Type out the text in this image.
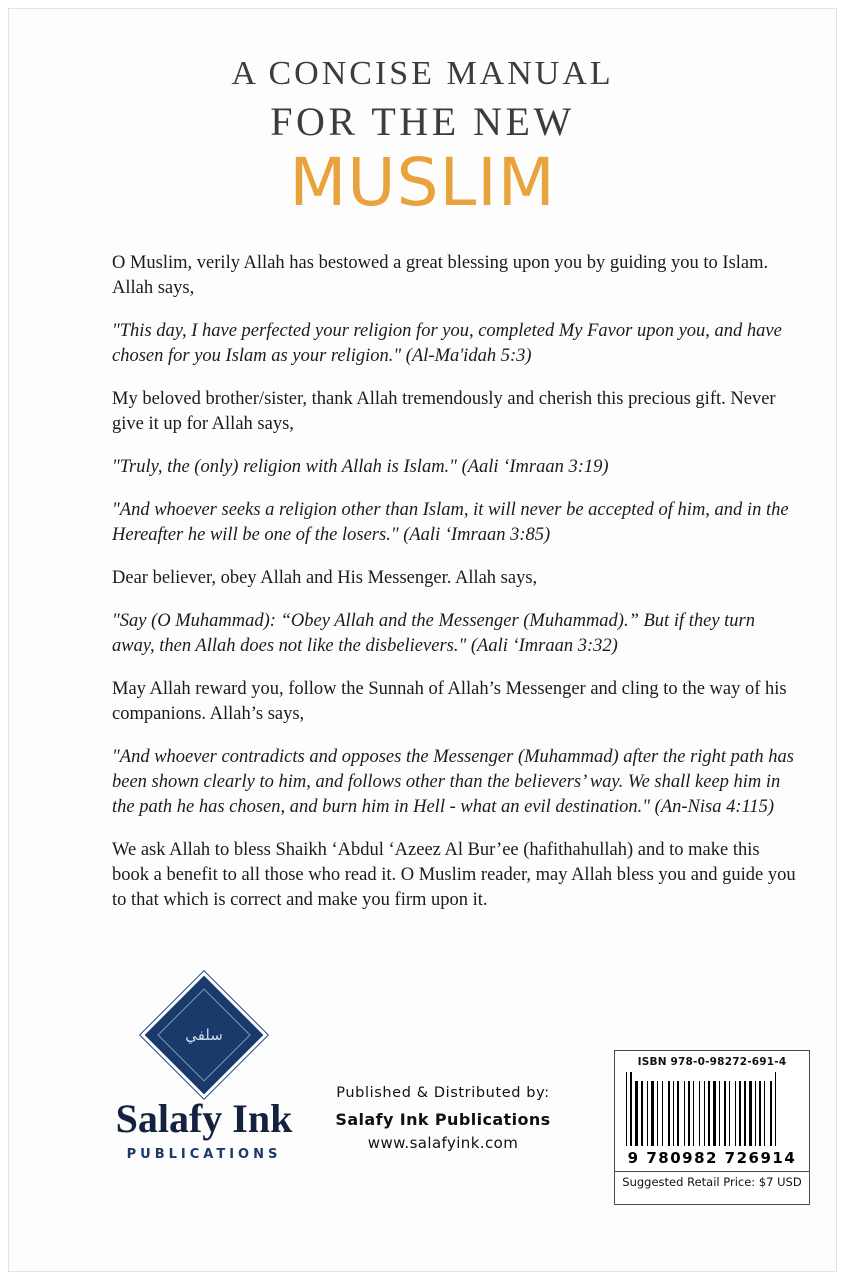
A CONCISE MANUAL
FOR THE NEW
MUSLIM

O Muslim, verily Allah has bestowed a great blessing upon you by guiding you to Islam. Allah says,

"This day, I have perfected your religion for you, completed My Favor upon you, and have chosen for you Islam as your religion." (Al-Ma'idah 5:3)

My beloved brother/sister, thank Allah tremendously and cherish this precious gift. Never give it up for Allah says,

"Truly, the (only) religion with Allah is Islam." (Aali ‘Imraan 3:19)

"And whoever seeks a religion other than Islam, it will never be accepted of him, and in the Hereafter he will be one of the losers." (Aali ‘Imraan 3:85)

Dear believer, obey Allah and His Messenger. Allah says,

"Say (O Muhammad): “Obey Allah and the Messenger (Muhammad).” But if they turn away, then Allah does not like the disbelievers." (Aali ‘Imraan 3:32)

May Allah reward you, follow the Sunnah of Allah’s Messenger and cling to the way of his companions. Allah’s says,

"And whoever contradicts and opposes the Messenger (Muhammad) after the right path has been shown clearly to him, and follows other than the believers’ way. We shall keep him in the path he has chosen, and burn him in Hell - what an evil destination." (An-Nisa 4:115)

We ask Allah to bless Shaikh ‘Abdul ‘Azeez Al Bur’ee (hafithahullah) and to make this book a benefit to all those who read it. O Muslim reader, may Allah bless you and guide you to that which is correct and make you firm upon it.

سلفي
Salafy Ink
PUBLICATIONS
Published & Distributed by:
Salafy Ink Publications
www.salafyink.com
ISBN 978-0-98272-691-4
9 780982 726914
Suggested Retail Price: $7 USD
